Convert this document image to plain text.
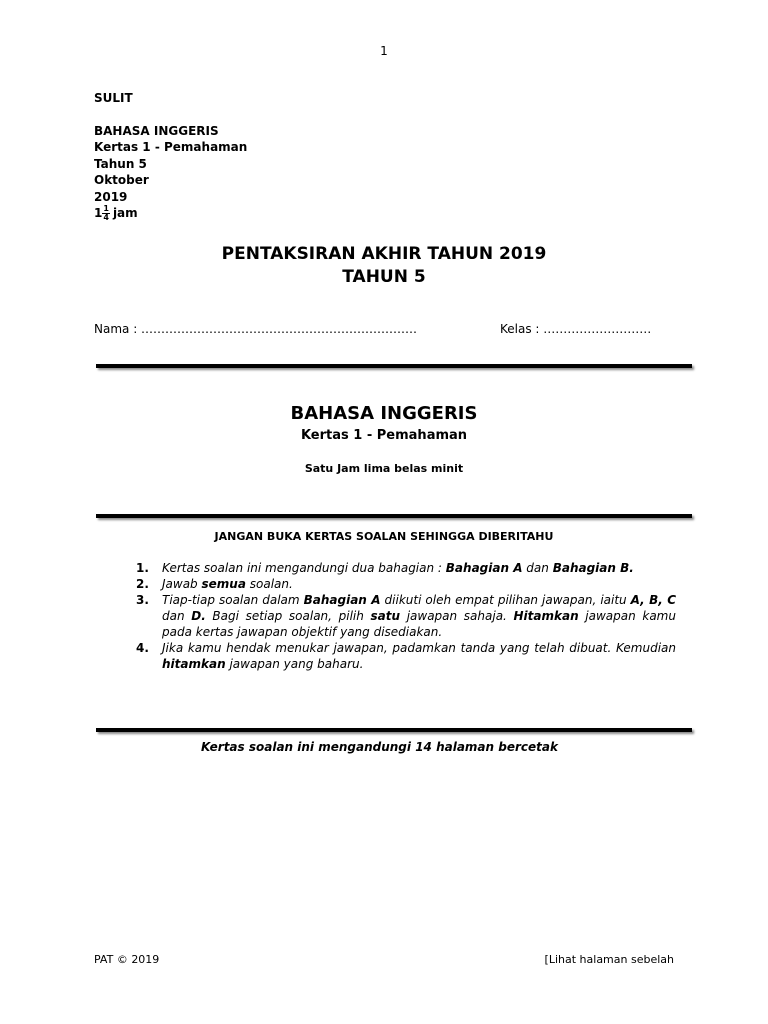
1
SULIT
BAHASA INGGERIS
Kertas 1 - Pemahaman
Tahun 5
Oktober
2019
$1 \frac{1}{4}$ jam
PENTAKSIRAN AKHIR TAHUN 2019
TAHUN 5
Nama : ……………………………………………………………	Kelas : ………………………
BAHASA INGGERIS
Kertas 1 - Pemahaman
Satu Jam lima belas minit
JANGAN BUKA KERTAS SOALAN SEHINGGA DIBERITAHU
1.	Kertas soalan ini mengandungi dua bahagian : Bahagian A dan Bahagian B.
2.	Jawab semua soalan.
3.	Tiap-tiap soalan dalam Bahagian A diikuti oleh empat pilihan jawapan, iaitu A, B, C dan D. Bagi setiap soalan, pilih satu jawapan sahaja. Hitamkan jawapan kamu pada kertas jawapan objektif yang disediakan.
4.	Jika kamu hendak menukar jawapan, padamkan tanda yang telah dibuat. Kemudian hitamkan jawapan yang baharu.
Kertas soalan ini mengandungi 14 halaman bercetak
PAT © 2019	[Lihat halaman sebelah
